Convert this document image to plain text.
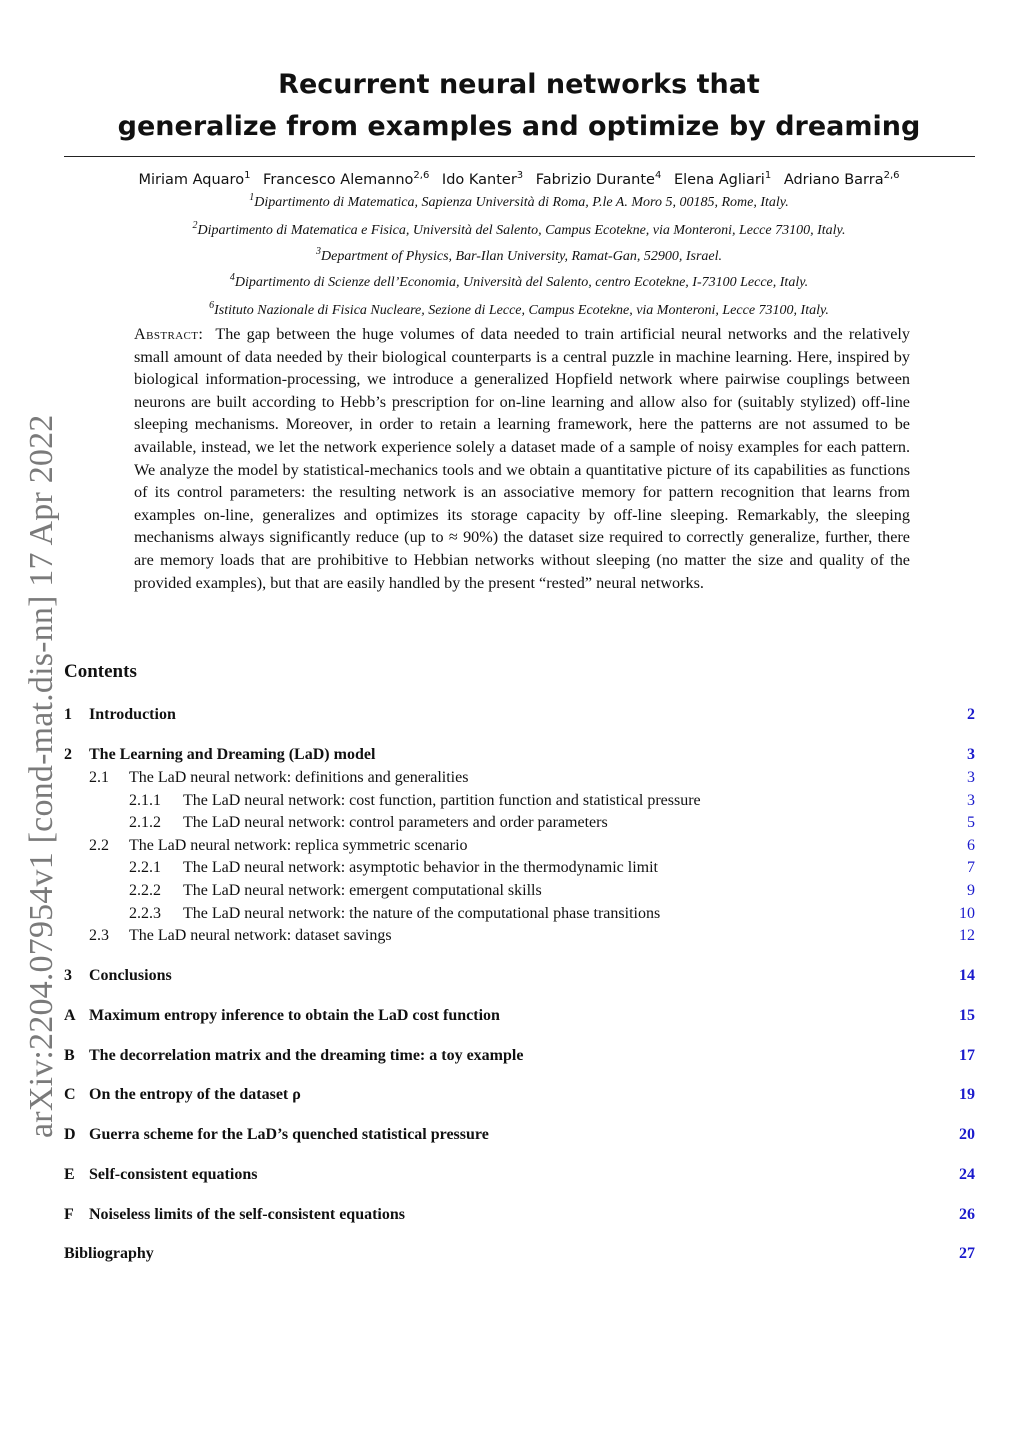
arXiv:2204.07954v1 [cond-mat.dis-nn] 17 Apr 2022
Recurrent neural networks that
generalize from examples and optimize by dreaming
Miriam Aquaro$^1$ Francesco Alemanno$^{2,6}$ Ido Kanter$^3$ Fabrizio Durante$^4$ Elena Agliari$^1$ Adriano Barra$^{2,6}$
$^1$Dipartimento di Matematica, Sapienza Università di Roma, P.le A. Moro 5, 00185, Rome, Italy.
$^2$Dipartimento di Matematica e Fisica, Università del Salento, Campus Ecotekne, via Monteroni, Lecce 73100, Italy.
$^3$Department of Physics, Bar-Ilan University, Ramat-Gan, 52900, Israel.
$^4$Dipartimento di Scienze dell’Economia, Università del Salento, centro Ecotekne, I-73100 Lecce, Italy.
$^6$Istituto Nazionale di Fisica Nucleare, Sezione di Lecce, Campus Ecotekne, via Monteroni, Lecce 73100, Italy.
Abstract: The gap between the huge volumes of data needed to train artificial neural networks and the relatively small amount of data needed by their biological counterparts is a central puzzle in machine learning. Here, inspired by biological information-processing, we introduce a generalized Hopfield network where pairwise couplings between neurons are built according to Hebb’s prescription for on-line learning and allow also for (suitably stylized) off-line sleeping mechanisms. Moreover, in order to retain a learning framework, here the patterns are not assumed to be available, instead, we let the network experience solely a dataset made of a sample of noisy examples for each pattern. We analyze the model by statistical-mechanics tools and we obtain a quantitative picture of its capabilities as functions of its control parameters: the resulting network is an associative memory for pattern recognition that learns from examples on-line, generalizes and optimizes its storage capacity by off-line sleeping. Remarkably, the sleeping mechanisms always significantly reduce (up to ≈ 90%) the dataset size required to correctly generalize, further, there are memory loads that are prohibitive to Hebbian networks without sleeping (no matter the size and quality of the provided examples), but that are easily handled by the present “rested” neural networks.
Contents
1 Introduction	2
2 The Learning and Dreaming (LaD) model	3
2.1 The LaD neural network: definitions and generalities	3
2.1.1 The LaD neural network: cost function, partition function and statistical pressure	3
2.1.2 The LaD neural network: control parameters and order parameters	5
2.2 The LaD neural network: replica symmetric scenario	6
2.2.1 The LaD neural network: asymptotic behavior in the thermodynamic limit	7
2.2.2 The LaD neural network: emergent computational skills	9
2.2.3 The LaD neural network: the nature of the computational phase transitions	10
2.3 The LaD neural network: dataset savings	12
3 Conclusions	14
A Maximum entropy inference to obtain the LaD cost function	15
B The decorrelation matrix and the dreaming time: a toy example	17
C On the entropy of the dataset ρ	19
D Guerra scheme for the LaD’s quenched statistical pressure	20
E Self-consistent equations	24
F Noiseless limits of the self-consistent equations	26
Bibliography	27
